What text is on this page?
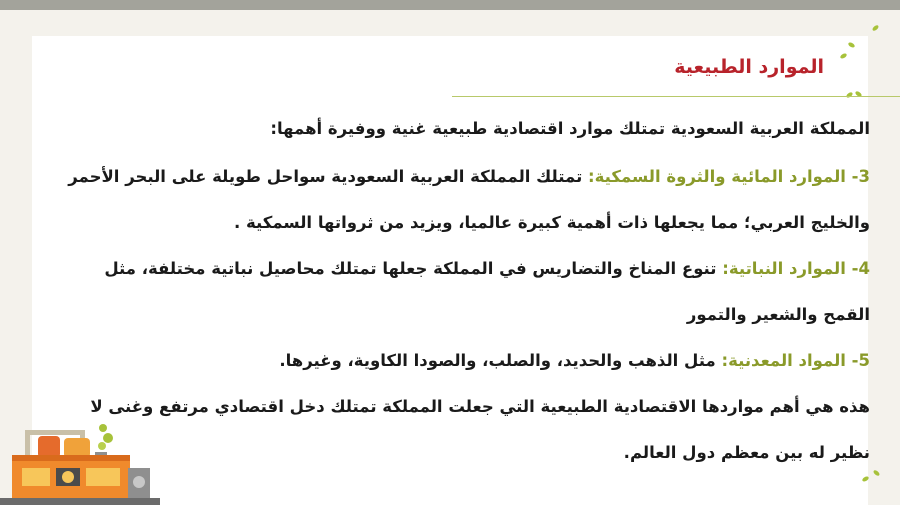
الموارد الطبيعية

المملكة العربية السعودية تمتلك موارد اقتصادية طبيعية غنية ووفيرة أهمها:

3- الموارد المائية والثروة السمكية: تمتلك المملكة العربية السعودية سواحل طويلة على البحر الأحمر

والخليج العربي؛ مما يجعلها ذات أهمية كبيرة عالميا، ويزيد من ثرواتها السمكية .

4- الموارد النباتية: تنوع المناخ والتضاريس في المملكة جعلها تمتلك محاصيل نباتية مختلفة، مثل

القمح والشعير والتمور

5- المواد المعدنية: مثل الذهب والحديد، والصلب، والصودا الكاوية، وغيرها.

هذه هي أهم مواردها الاقتصادية الطبيعية التي جعلت المملكة تمتلك دخل اقتصادي مرتفع وغنى لا

نظير له بين معظم دول العالم.
